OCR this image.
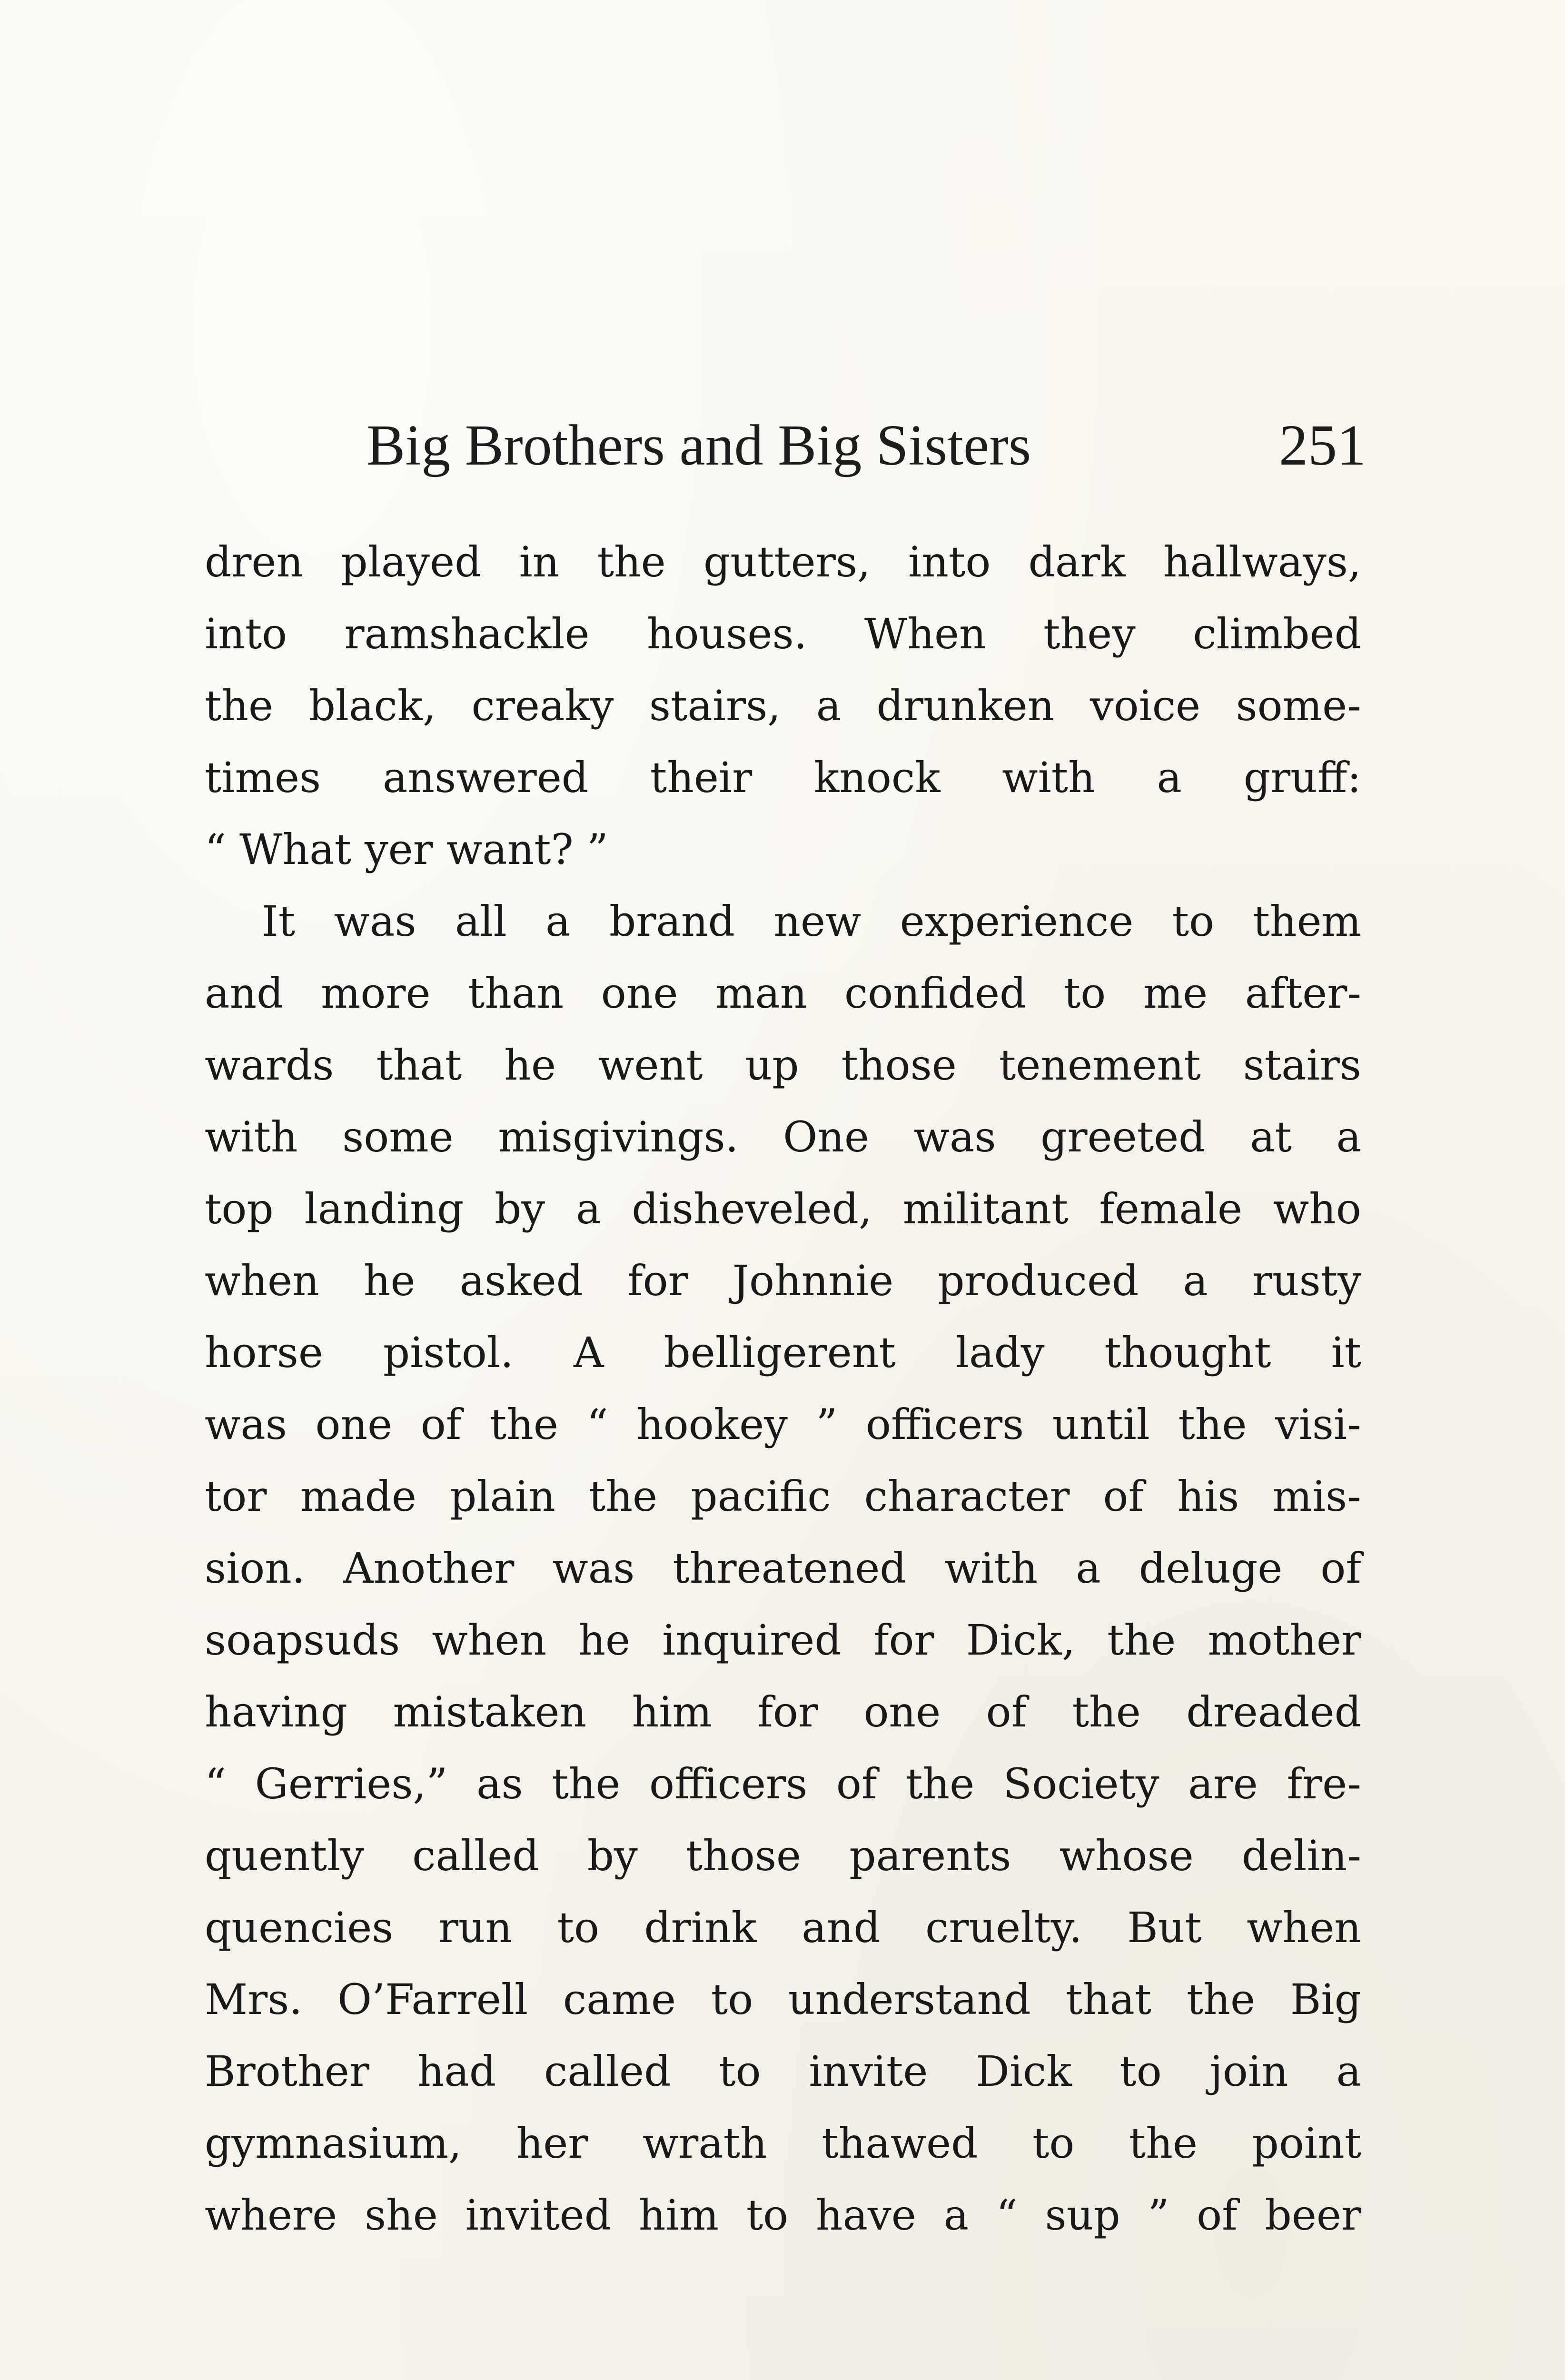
Big Brothers and Big Sisters	251
dren played in the gutters, into dark hallways,
into ramshackle houses. When they climbed
the black, creaky stairs, a drunken voice some-
times answered their knock with a gruff:
“ What yer want? ”
It was all a brand new experience to them
and more than one man confided to me after-
wards that he went up those tenement stairs
with some misgivings. One was greeted at a
top landing by a disheveled, militant female who
when he asked for Johnnie produced a rusty
horse pistol. A belligerent lady thought it
was one of the “ hookey ” officers until the visi-
tor made plain the pacific character of his mis-
sion. Another was threatened with a deluge of
soapsuds when he inquired for Dick, the mother
having mistaken him for one of the dreaded
“ Gerries,” as the officers of the Society are fre-
quently called by those parents whose delin-
quencies run to drink and cruelty. But when
Mrs. O’Farrell came to understand that the Big
Brother had called to invite Dick to join a
gymnasium, her wrath thawed to the point
where she invited him to have a “ sup ” of beer
